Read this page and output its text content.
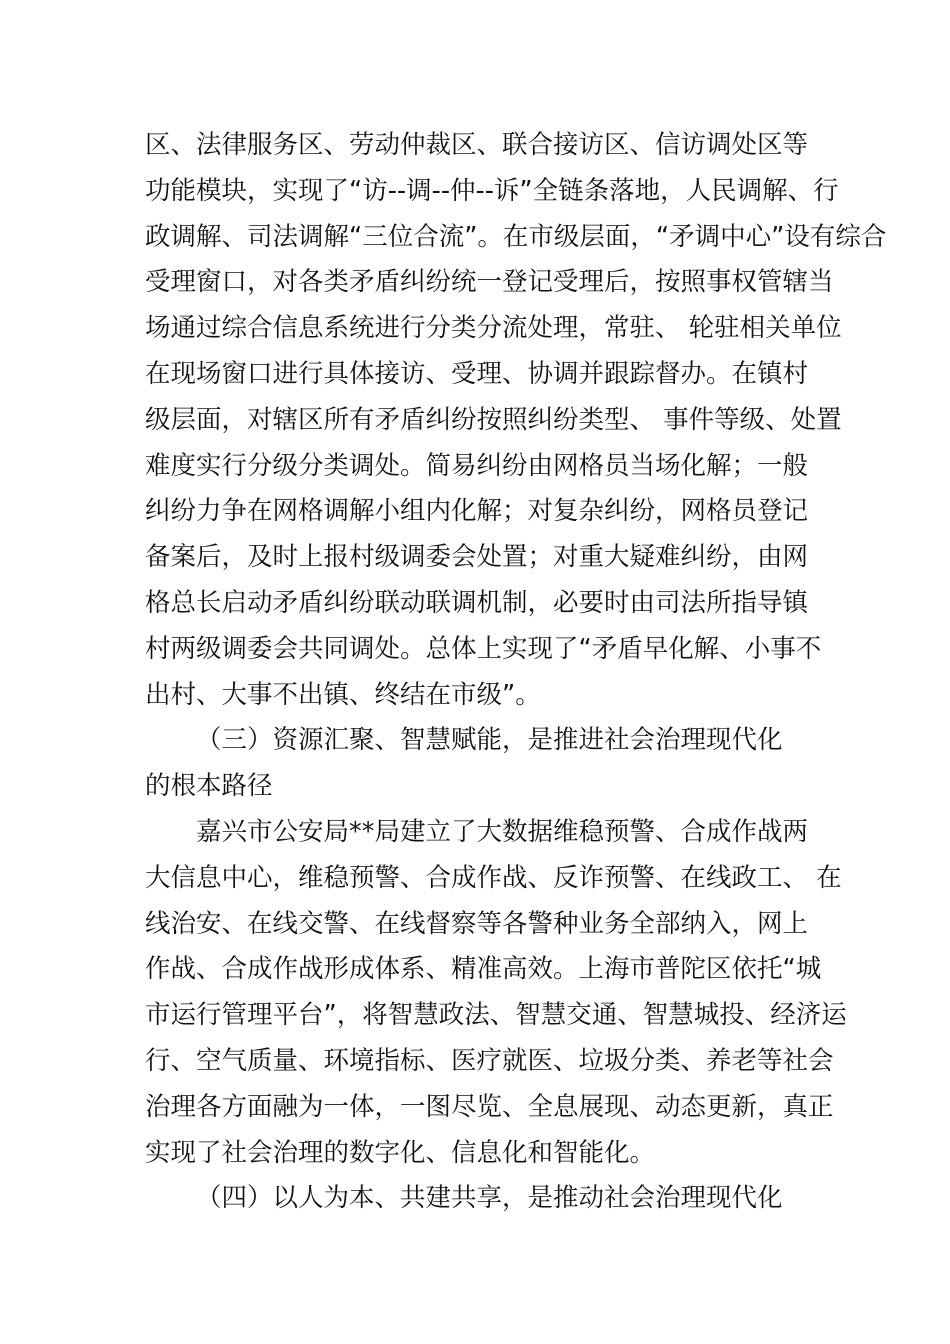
区、法律服务区、劳动仲裁区、联合接访区、信访调处区等
功能模块，实现了“访--调--仲--诉”全链条落地，人民调解、行
政调解、司法调解“三位合流”。在市级层面，“矛调中心”设有综合
受理窗口，对各类矛盾纠纷统一登记受理后，按照事权管辖当
场通过综合信息系统进行分类分流处理，常驻、 轮驻相关单位
在现场窗口进行具体接访、受理、协调并跟踪督办。在镇村
级层面，对辖区所有矛盾纠纷按照纠纷类型、 事件等级、处置
难度实行分级分类调处。简易纠纷由网格员当场化解；一般
纠纷力争在网格调解小组内化解；对复杂纠纷，网格员登记
备案后，及时上报村级调委会处置；对重大疑难纠纷，由网
格总长启动矛盾纠纷联动联调机制，必要时由司法所指导镇
村两级调委会共同调处。总体上实现了“矛盾早化解、小事不
出村、大事不出镇、终结在市级”。
（三）资源汇聚、智慧赋能，是推进社会治理现代化
的根本路径
嘉兴市公安局**局建立了大数据维稳预警、合成作战两
大信息中心，维稳预警、合成作战、反诈预警、在线政工、 在
线治安、在线交警、在线督察等各警种业务全部纳入，网上
作战、合成作战形成体系、精准高效。上海市普陀区依托“城
市运行管理平台”，将智慧政法、智慧交通、智慧城投、经济运
行、空气质量、环境指标、医疗就医、垃圾分类、养老等社会
治理各方面融为一体，一图尽览、全息展现、动态更新，真正
实现了社会治理的数字化、信息化和智能化。
（四）以人为本、共建共享，是推动社会治理现代化
